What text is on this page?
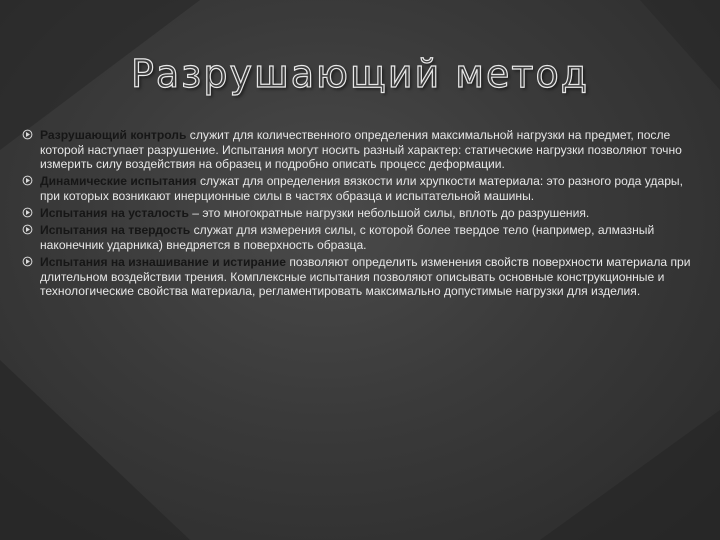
Разрушающий метод
Разрушающий контроль служит для количественного определения максимальной нагрузки на предмет, после которой наступает разрушение. Испытания могут носить разный характер: статические нагрузки позволяют точно измерить силу воздействия на образец и подробно описать процесс деформации.
Динамические испытания служат для определения вязкости или хрупкости материала: это разного рода удары, при которых возникают инерционные силы в частях образца и испытательной машины.
Испытания на усталость – это многократные нагрузки небольшой силы, вплоть до разрушения.
Испытания на твердость служат для измерения силы, с которой более твердое тело (например, алмазный наконечник ударника) внедряется в поверхность образца.
Испытания на изнашивание и истирание позволяют определить изменения свойств поверхности материала при длительном воздействии трения. Комплексные испытания позволяют описывать основные конструкционные и технологические свойства материала, регламентировать максимально допустимые нагрузки для изделия.
